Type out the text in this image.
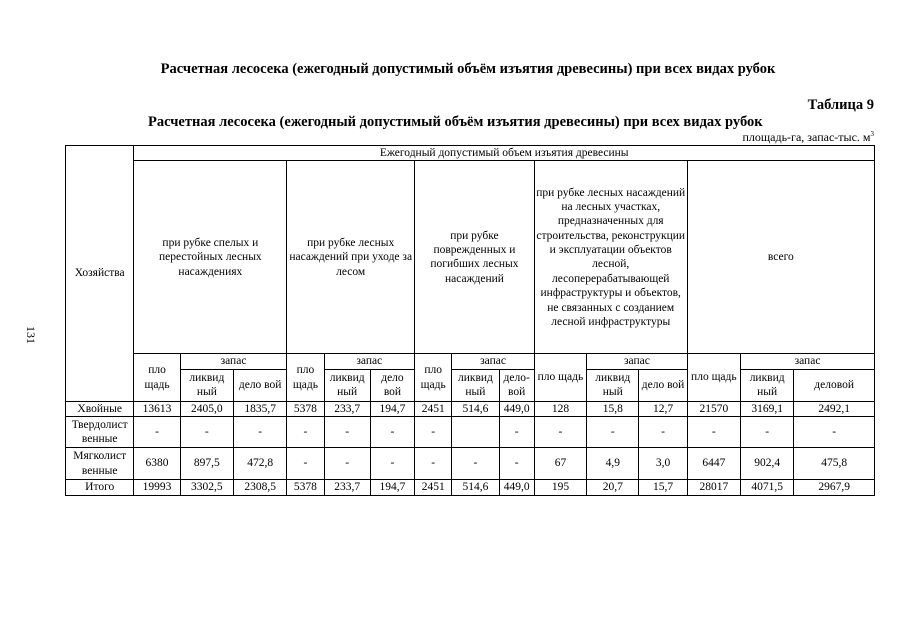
Расчетная лесосека (ежегодный допустимый объём изъятия древесины) при всех видах рубок
Таблица 9
Расчетная лесосека (ежегодный допустимый объём изъятия древесины) при всех видах рубок
площадь-га, запас-тыс. $м^3$
131
Хозяйства	Ежегодный допустимый объем изъятия древесины														
	при рубке спелых и перестойных лесных насаждениях			при рубке лесных насаждений при уходе за лесом			при рубке поврежденных и погибших лесных насаждений			при рубке лесных насаждений на лесных участках, предназначенных для строительства, реконструкции и эксплуатации объектов лесной, лесоперерабатывающей инфраструктуры и объектов, не связанных с созданием лесной инфраструктуры			всего		
	пло щадь	запас		пло щадь	запас		пло щадь	запас		пло щадь	запас		пло щадь	запас	
		ликвид ный	дело вой		ликвид ный	дело вой		ликвид ный	дело- вой		ликвид ный	дело вой		ликвид ный	деловой
Хвойные	13613	2405,0	1835,7	5378	233,7	194,7	2451	514,6	449,0	128	15,8	12,7	21570	3169,1	2492,1
Твердолист венные	-	-	-	-	-	-	-		-	-	-	-	-	-	-
Мягколист венные	6380	897,5	472,8	-	-	-	-	-	-	67	4,9	3,0	6447	902,4	475,8
Итого	19993	3302,5	2308,5	5378	233,7	194,7	2451	514,6	449,0	195	20,7	15,7	28017	4071,5	2967,9
